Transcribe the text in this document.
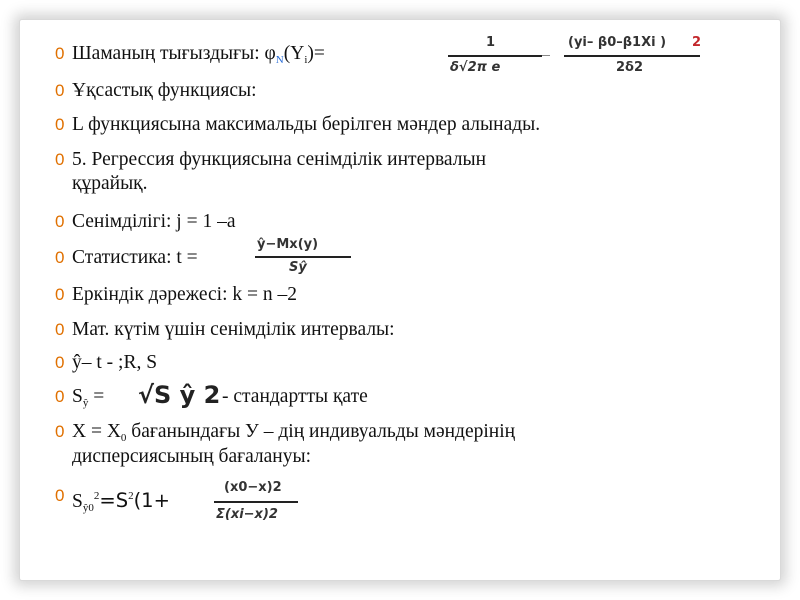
0 Шаманың тығыздығы: $\varphi_N(Y_i)=$
1
δ√2π e
(yi– β0–β1Xi ) 2
2δ2
0 Ұқсастық функциясы:
0 L функциясына максимальды берілген мәндер алынады.
0 5. Регрессия функциясына сенімділік интервалын
құрайық.
0 Сенімділігі: j = 1 –a
0 Статистика: t =
ŷ−Mx(y)
Sŷ
0 Еркіндік дәрежесі: k = n –2
0 Мат. күтім үшін сенімділік интервалы:
0 ŷ– t - ;R, S
0 $S_ŷ = √S$ ŷ 2 - стандартты қате
0 $X = X_0$ бағанындағы У – дің индивуальды мәндерінің
дисперсиясының бағалануы:
0 $S_{ŷ0}^2=S^2(1+$
(x0−x)2
Σ(xi−x)2
